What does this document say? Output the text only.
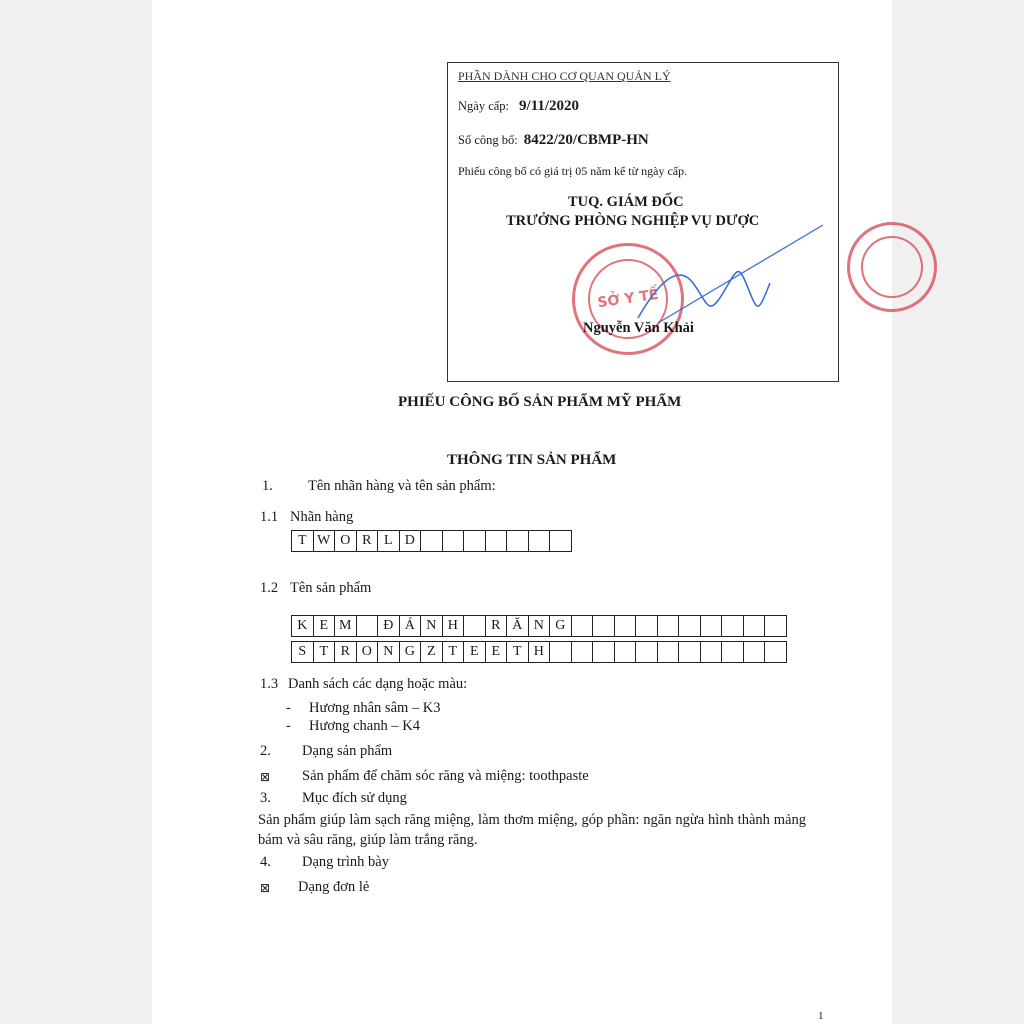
PHẦN DÀNH CHO CƠ QUAN QUẢN LÝ
Ngày cấp: 9/11/2020
Số công bố: 8422/20/CBMP-HN
Phiếu công bố có giá trị 05 năm kể từ ngày cấp.
TUQ. GIÁM ĐỐC
TRƯỞNG PHÒNG NGHIỆP VỤ DƯỢC
SỞ Y TẾ
Nguyễn Văn Khải
PHIẾU CÔNG BỐ SẢN PHẨM MỸ PHẨM
THÔNG TIN SẢN PHẨM
1. Tên nhãn hàng và tên sản phẩm:
1.1 Nhãn hàng
T W O R L D
1.2 Tên sản phẩm
K E M	Đ Á N H	R Ă N G
S T R O N G Z T E E T H
1.3 Danh sách các dạng hoặc màu:
- Hương nhân sâm – K3
- Hương chanh – K4
2. Dạng sản phẩm
⊠ Sản phẩm để chăm sóc răng và miệng: toothpaste
3. Mục đích sử dụng
Sản phẩm giúp làm sạch răng miệng, làm thơm miệng, góp phần: ngăn ngừa hình thành mảng bám và sâu răng, giúp làm trắng răng.
4. Dạng trình bày
⊠ Dạng đơn lẻ
1
